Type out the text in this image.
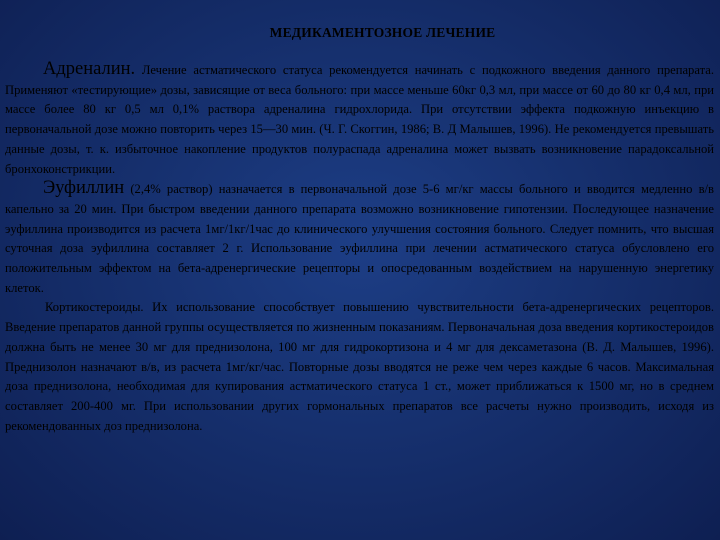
МЕДИКАМЕНТОЗНОЕ ЛЕЧЕНИЕ

Адреналин. Лечение астматического статуса рекомендуется начинать с подкожного введения данного препарата. Применяют «тестирующие» дозы, зависящие от веса больного: при массе меньше 60кг 0,3 мл, при массе от 60 до 80 кг 0,4 мл, при массе более 80 кг 0,5 мл 0,1% раствора адреналина гидрохлорида. При отсутствии эффекта подкожную инъекцию в первоначальной дозе можно повторить через 15—30 мин. (Ч. Г. Скоггин, 1986; В. Д Малышев, 1996). Не рекомендуется превышать данные дозы, т. к. избыточное накопление продуктов полураспада адреналина может вызвать возникновение парадоксальной бронхоконстрикции.

Эуфиллин (2,4% раствор) назначается в первоначальной дозе 5-6 мг/кг массы больного и вводится медленно в/в капельно за 20 мин. При быстром введении данного препарата возможно возникновение гипотензии. Последующее назначение эуфиллина производится из расчета 1мг/1кг/1час до клинического улучшения состояния больного. Следует помнить, что высшая суточная доза эуфиллина составляет 2 г. Использование эуфиллина при лечении астматического статуса обусловлено его положительным эффектом на бета-адренергические рецепторы и опосредованным воздействием на нарушенную энергетику клеток.

Кортикостероиды. Их использование способствует повышению чувствительности бета-адренергических рецепторов. Введение препаратов данной группы осуществляется по жизненным показаниям. Первоначальная доза введения кортикостероидов должна быть не менее 30 мг для преднизолона, 100 мг для гидрокортизона и 4 мг для дексаметазона (В. Д. Малышев, 1996). Преднизолон назначают в/в, из расчета 1мг/кг/час. Повторные дозы вводятся не реже чем через каждые 6 часов. Максимальная доза преднизолона, необходимая для купирования астматического статуса 1 ст., может приближаться к 1500 мг, но в среднем составляет 200-400 мг. При использовании других гормональных препаратов все расчеты нужно производить, исходя из рекомендованных доз преднизолона.
